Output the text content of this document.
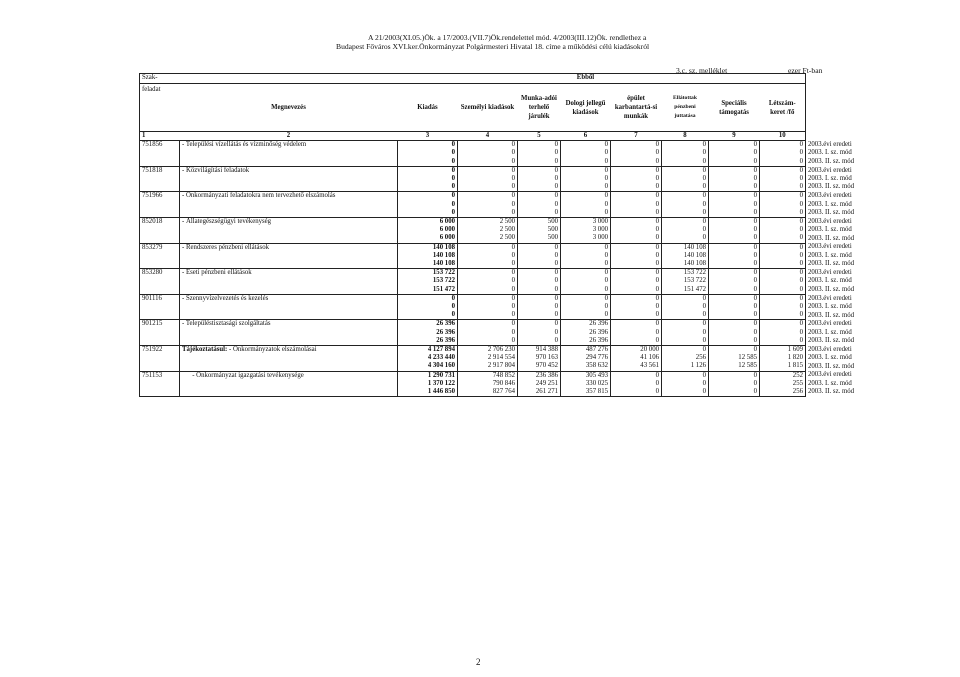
A 21/2003(XI.05.)Ök. a 17/2003.(VII.7)Ök.rendelettel mód. 4/2003(III.12)Ök. rendlethez a
Budapest Főváros XVI.ker.Önkormányzat Polgármesteri Hivatal 18. címe a működési célú kiadásokról
3.c. sz. melléklet	ezer Ft-ban
Szak-					Ebből					
feladat	Megnevezés	Kiadás	Személyi kiadások	Munka-adói terhelő járulék	Dologi jellegű kiadások	épület karbantartá-si munkák	Ellátottak pénzbeni juttatása	Speciális támogatás	Létszám-keret /fő	
1	2	3	4	5	6	7	8	9	10	
751856	- Települési vízellátás és vízminőség védelem	0	0	0	0	0	0	0	0	2003.évi eredeti
		0	0	0	0	0	0	0	0	2003. I. sz. mód
		0	0	0	0	0	0	0	0	2003. II. sz. mód
751818	- Közvilágítási feladatok	0	0	0	0	0	0	0	0	2003.évi eredeti
		0	0	0	0	0	0	0	0	2003. I. sz. mód
		0	0	0	0	0	0	0	0	2003. II. sz. mód
751966	- Önkormányzati feladatokra nem tervezhető elszámolás	0	0	0	0	0	0	0	0	2003.évi eredeti
		0	0	0	0	0	0	0	0	2003. I. sz. mód
		0	0	0	0	0	0	0	0	2003. II. sz. mód
852018	- Állategészségügyi tevékenység	6 000	2 500	500	3 000	0	0	0	0	2003.évi eredeti
		6 000	2 500	500	3 000	0	0	0	0	2003. I. sz. mód
		6 000	2 500	500	3 000	0	0	0	0	2003. II. sz. mód
853279	- Rendszeres pénzbeni ellátások	140 108	0	0	0	0	140 108	0	0	2003.évi eredeti
		140 108	0	0	0	0	140 108	0	0	2003. I. sz. mód
		140 108	0	0	0	0	140 108	0	0	2003. II. sz. mód
853280	- Eseti pénzbeni ellátások	153 722	0	0	0	0	153 722	0	0	2003.évi eredeti
		153 722	0	0	0	0	153 722	0	0	2003. I. sz. mód
		151 472	0	0	0	0	151 472	0	0	2003. II. sz. mód
901116	- Szennyvízelvezetés és kezelés	0	0	0	0	0	0	0	0	2003.évi eredeti
		0	0	0	0	0	0	0	0	2003. I. sz. mód
		0	0	0	0	0	0	0	0	2003. II. sz. mód
901215	- Településtisztasági szolgáltatás	26 396	0	0	26 396	0	0	0	0	2003.évi eredeti
		26 396	0	0	26 396	0	0	0	0	2003. I. sz. mód
		26 396	0	0	26 396	0	0	0	0	2003. II. sz. mód
751922	Tájékoztatásul: - Önkormányzatok elszámolásai	4 127 894	2 706 230	914 388	487 276	20 000	0	0	1 609	2003.évi eredeti
		4 233 440	2 914 554	970 163	294 776	41 106	256	12 585	1 820	2003. I. sz. mód
		4 304 160	2 917 804	970 452	358 632	43 561	1 126	12 585	1 815	2003. II. sz. mód
751153	- Önkormányzat igazgatási tevékenysége	1 290 731	748 852	236 386	305 493	0	0	0	252	2003.évi eredeti
		1 370 122	790 846	249 251	330 025	0	0	0	255	2003. I. sz. mód
		1 446 850	827 764	261 271	357 815	0	0	0	256	2003. II. sz. mód
2
